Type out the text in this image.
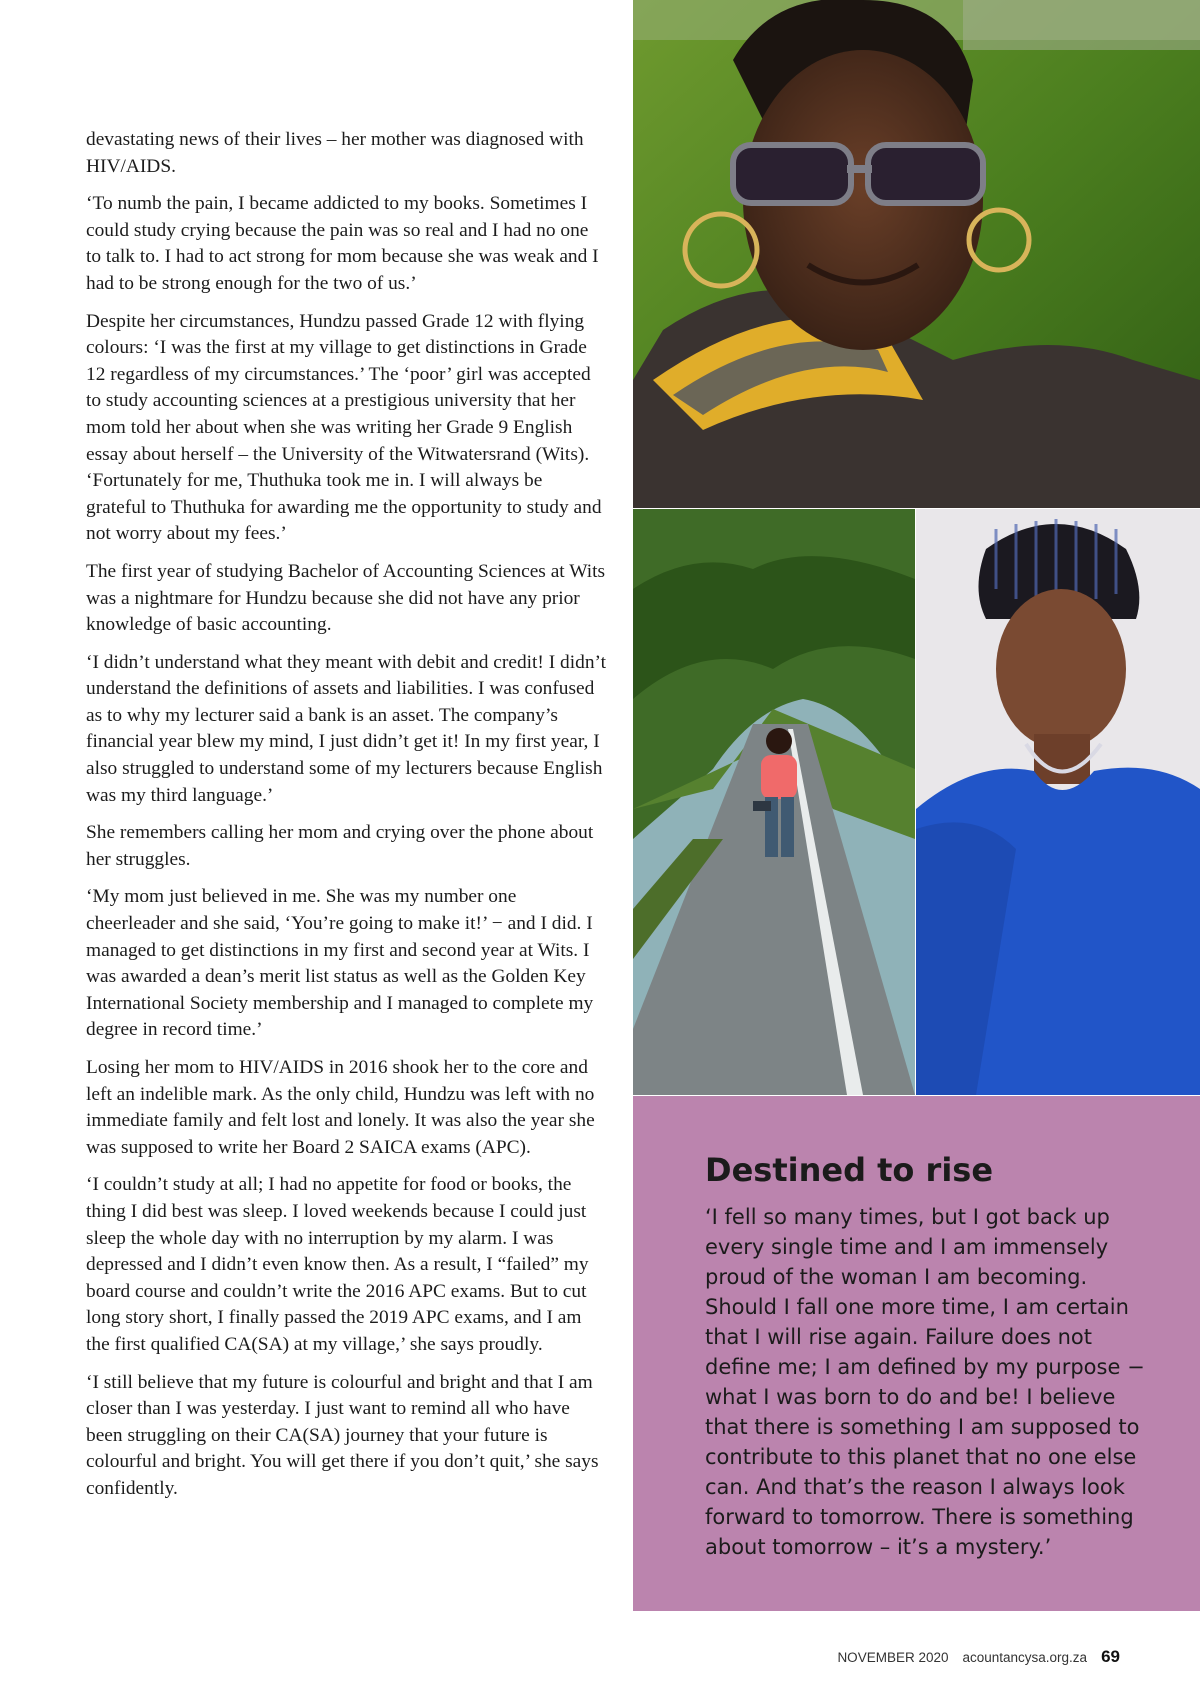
devastating news of their lives – her mother was diagnosed with HIV/AIDS.

‘To numb the pain, I became addicted to my books. Sometimes I could study crying because the pain was so real and I had no one to talk to. I had to act strong for mom because she was weak and I had to be strong enough for the two of us.’

Despite her circumstances, Hundzu passed Grade 12 with flying colours: ‘I was the first at my village to get distinctions in Grade 12 regardless of my circumstances.’ The ‘poor’ girl was accepted to study accounting sciences at a prestigious university that her mom told her about when she was writing her Grade 9 English essay about herself – the University of the Witwatersrand (Wits). ‘Fortunately for me, Thuthuka took me in. I will always be grateful to Thuthuka for awarding me the opportunity to study and not worry about my fees.’

The first year of studying Bachelor of Accounting Sciences at Wits was a nightmare for Hundzu because she did not have any prior knowledge of basic accounting.

‘I didn’t understand what they meant with debit and credit! I didn’t understand the definitions of assets and liabilities. I was confused as to why my lecturer said a bank is an asset. The company’s financial year blew my mind, I just didn’t get it! In my first year, I also struggled to understand some of my lecturers because English was my third language.’

She remembers calling her mom and crying over the phone about her struggles.

‘My mom just believed in me. She was my number one cheerleader and she said, ‘You’re going to make it!’ − and I did. I managed to get distinctions in my first and second year at Wits. I was awarded a dean’s merit list status as well as the Golden Key International Society membership and I managed to complete my degree in record time.’

Losing her mom to HIV/AIDS in 2016 shook her to the core and left an indelible mark. As the only child, Hundzu was left with no immediate family and felt lost and lonely. It was also the year she was supposed to write her Board 2 SAICA exams (APC).

‘I couldn’t study at all; I had no appetite for food or books, the thing I did best was sleep. I loved weekends because I could just sleep the whole day with no interruption by my alarm. I was depressed and I didn’t even know then. As a result, I “failed” my board course and couldn’t write the 2016 APC exams. But to cut long story short, I finally passed the 2019 APC exams, and I am the first qualified CA(SA) at my village,’ she says proudly.

‘I still believe that my future is colourful and bright and that I am closer than I was yesterday. I just want to remind all who have been struggling on their CA(SA) journey that your future is colourful and bright. You will get there if you don’t quit,’ she says confidently.

Destined to rise

‘I fell so many times, but I got back up every single time and I am immensely proud of the woman I am becoming. Should I fall one more time, I am certain that I will rise again. Failure does not define me; I am defined by my purpose − what I was born to do and be! I believe that there is something I am supposed to contribute to this planet that no one else can. And that’s the reason I always look forward to tomorrow. There is something about tomorrow – it’s a mystery.’

NOVEMBER 2020 acountancysa.org.za 69
